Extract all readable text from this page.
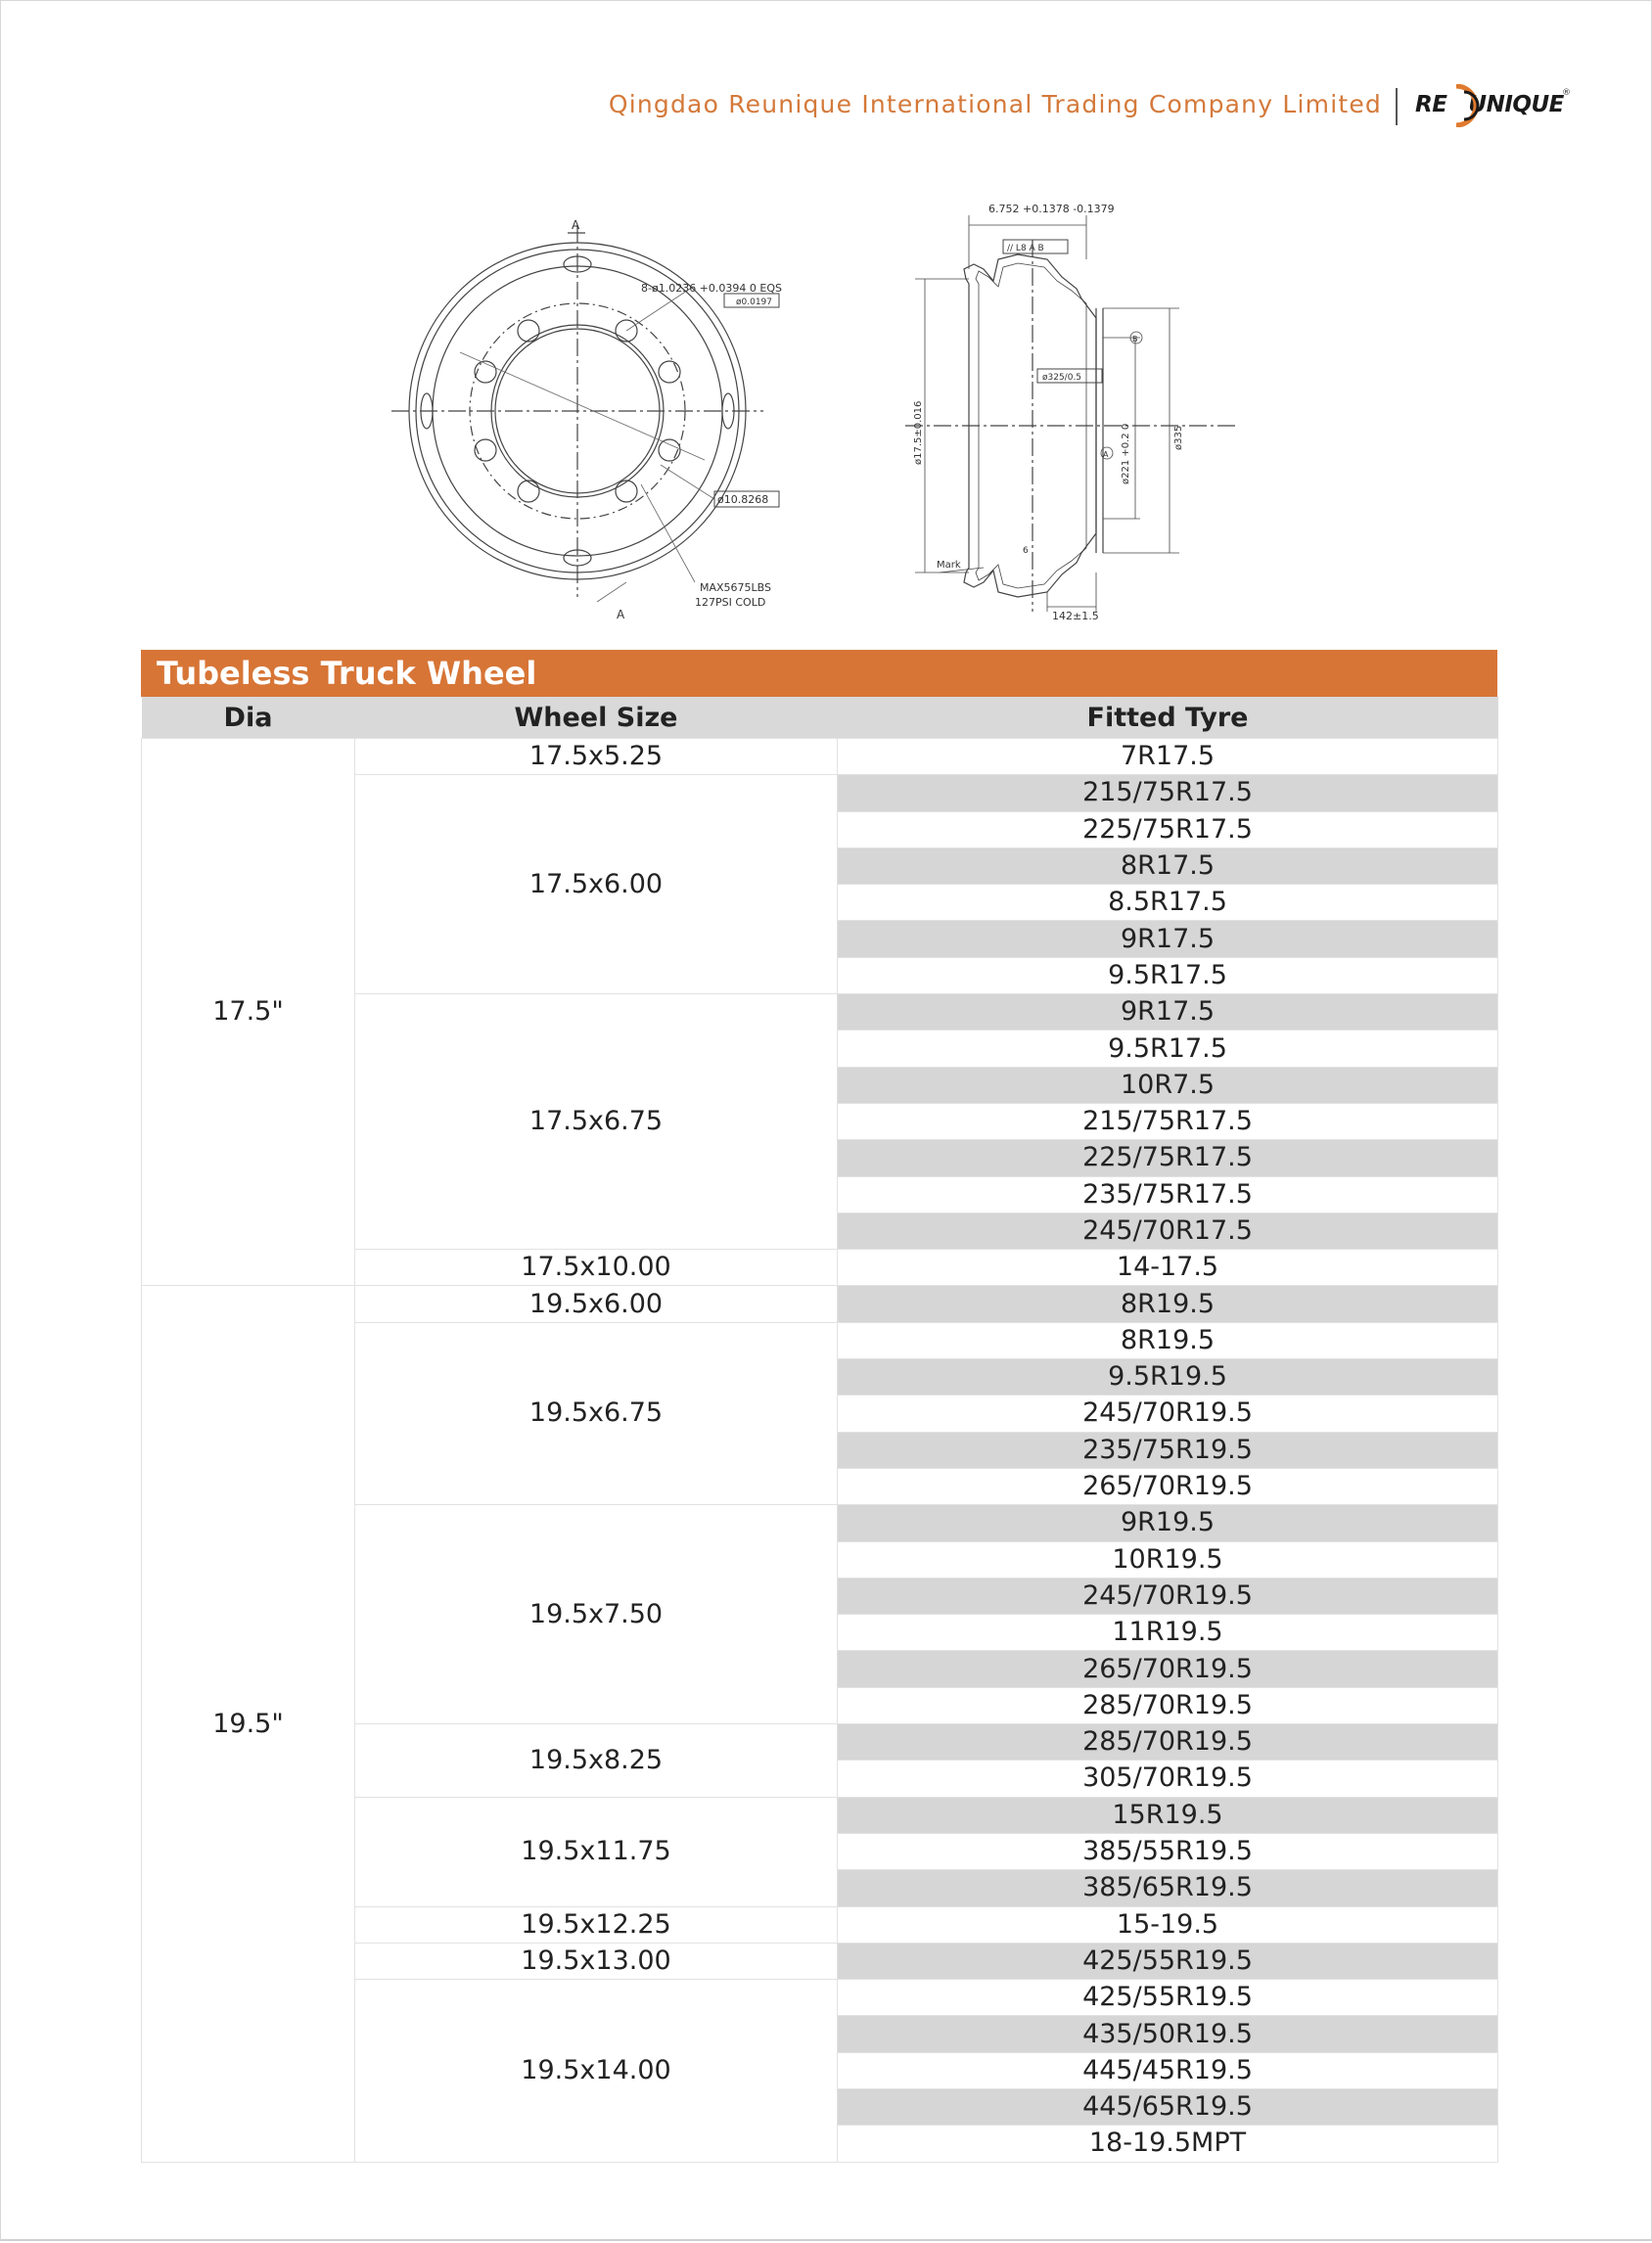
Qingdao Reunique International Trading Company Limited RE UNIQUE
®
A
A
8-ø1.0236 +0.0394 0 EQS
ø0.0197
ø10.8268
MAX5675LBS
127PSI COLD
6.752 +0.1378 -0.1379
// L8 A B
ø325/0.5
ø17.5±0.016	ø221 +0.2 0	ø335
A
B
Mark
142±1.5
6
Tubeless Truck Wheel
Dia	Wheel Size	Fitted Tyre
17.5"	17.5x5.25	7R17.5
	17.5x6.00	215/75R17.5
		225/75R17.5
		8R17.5
		8.5R17.5
		9R17.5
		9.5R17.5
	17.5x6.75	9R17.5
		9.5R17.5
		10R7.5
		215/75R17.5
		225/75R17.5
		235/75R17.5
		245/70R17.5
	17.5x10.00	14-17.5
19.5"	19.5x6.00	8R19.5
	19.5x6.75	8R19.5
		9.5R19.5
		245/70R19.5
		235/75R19.5
		265/70R19.5
	19.5x7.50	9R19.5
		10R19.5
		245/70R19.5
		11R19.5
		265/70R19.5
		285/70R19.5
	19.5x8.25	285/70R19.5
		305/70R19.5
	19.5x11.75	15R19.5
		385/55R19.5
		385/65R19.5
	19.5x12.25	15-19.5
	19.5x13.00	425/55R19.5
	19.5x14.00	425/55R19.5
		435/50R19.5
		445/45R19.5
		445/65R19.5
		18-19.5MPT
